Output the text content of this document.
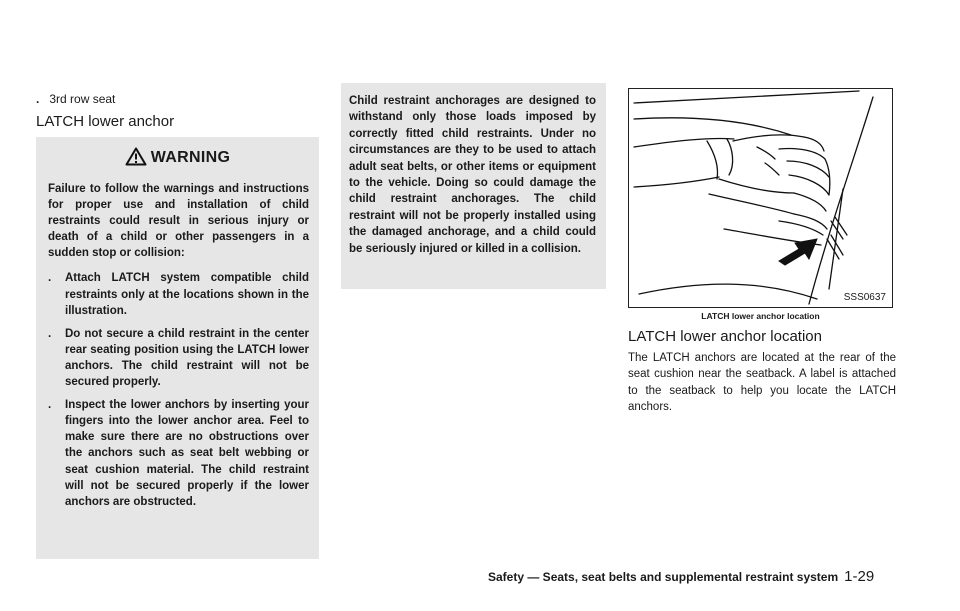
. 3rd row seat
LATCH lower anchor
WARNING

Failure to follow the warnings and instructions for proper use and installation of child restraints could result in serious injury or death of a child or other passengers in a sudden stop or collision:

. Attach LATCH system compatible child restraints only at the locations shown in the illustration.
. Do not secure a child restraint in the center rear seating position using the LATCH lower anchors. The child restraint will not be secured properly.
. Inspect the lower anchors by inserting your fingers into the lower anchor area. Feel to make sure there are no obstructions over the anchors such as seat belt webbing or seat cushion material. The child restraint will not be secured properly if the lower anchors are obstructed.

Child restraint anchorages are designed to withstand only those loads imposed by correctly fitted child restraints. Under no circumstances are they to be used to attach adult seat belts, or other items or equipment to the vehicle. Doing so could damage the child restraint anchorages. The child restraint will not be properly installed using the damaged anchorage, and a child could be seriously injured or killed in a collision.

SSS0637
LATCH lower anchor location
LATCH lower anchor location
The LATCH anchors are located at the rear of the seat cushion near the seatback. A label is attached to the seatback to help you locate the LATCH anchors.
Safety — Seats, seat belts and supplemental restraint system 1-29
